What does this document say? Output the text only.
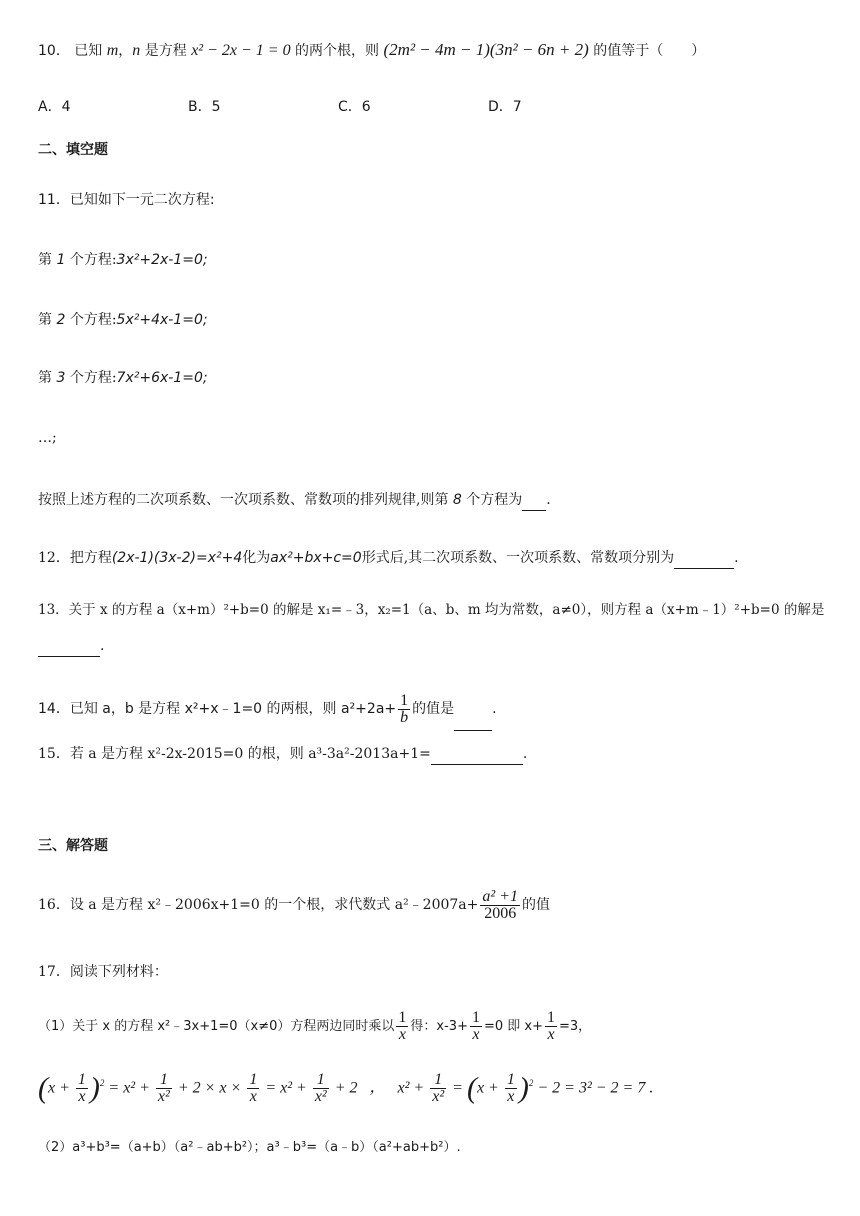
10． 已知 m，n 是方程 x² − 2x − 1 = 0 的两个根，则 (2m² − 4m − 1)(3n² − 6n + 2) 的值等于（　　）
A．4	B．5	C．6	D．7
二、填空题
11．已知如下一元二次方程:
第 1 个方程:3x²+2x-1=0;
第 2 个方程:5x²+4x-1=0;
第 3 个方程:7x²+6x-1=0;
…;
按照上述方程的二次项系数、一次项系数、常数项的排列规律,则第 8 个方程为 .
12．把方程(2x-1)(3x-2)=x²+4化为ax²+bx+c=0形式后,其二次项系数、一次项系数、常数项分别为	.
13．关于 x 的方程 a（x+m）²+b=0 的解是 x₁=﹣3，x₂=1（a、b、m 均为常数，a≠0），则方程 a（x+m﹣1）²+b=0 的解是
.
14．已知 a，b 是方程 x²+x﹣1=0 的两根，则 $a^2+2a+ \frac{1}{b}$ 的值是	.
15．若 a 是方程 x²-2x-2015=0 的根，则 a³-3a²-2013a+1=	.
三、解答题
16．设 a 是方程 x²﹣2006x+1=0 的一个根，求代数式 a²﹣2007a+ $\frac{\text{a² +1}}{2006}$ 的值
17．阅读下列材料：
（1）关于 x 的方程 x²﹣3x+1=0（x≠0）方程两边同时乘以 $\frac{1}{x}$ 得：$x-3+ \frac{1}{x} =0$ 即 $x+ \frac{1}{x} =3$，
$(x + \frac{1}{x} )^2 = x^2 + \frac{1}{\text{x²}} + 2 \times x \times \frac{1}{x} = x^2 + \frac{1}{\text{x²}} + 2$ ， $x^2 + \frac{1}{\text{x²}} = (x + \frac{1}{x} )^2 - 2 = 3^2 - 2 = 7$ .
（2）a³+b³=（a+b）（a²﹣ab+b²）；a³﹣b³=（a﹣b）（a²+ab+b²）.
